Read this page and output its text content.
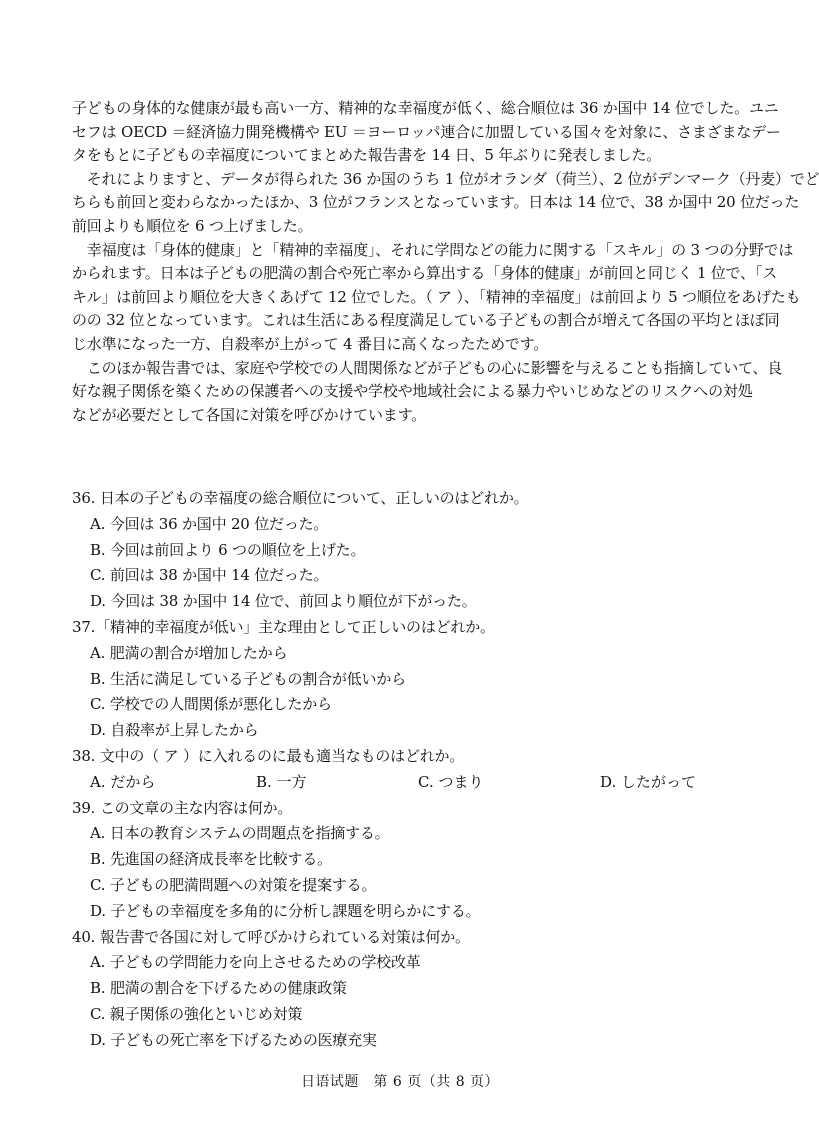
子どもの身体的な健康が最も高い一方、精神的な幸福度が低く、総合順位は 36 か国中 14 位でした。ユニ
セフは OECD ＝経済協力開発機構や EU ＝ヨーロッパ連合に加盟している国々を対象に、さまざまなデー
タをもとに子どもの幸福度についてまとめた報告書を 14 日、5 年ぶりに発表しました。
　それによりますと、データが得られた 36 か国のうち 1 位がオランダ（荷兰）、2 位がデンマーク（丹麦）でど
ちらも前回と変わらなかったほか、3 位がフランスとなっています。日本は 14 位で、38 か国中 20 位だった
前回よりも順位を 6 つ上げました。
　幸福度は「身体的健康」と「精神的幸福度」、それに学問などの能力に関する「スキル」の 3 つの分野では
かられます。日本は子どもの肥満の割合や死亡率から算出する「身体的健康」が前回と同じく 1 位で、「ス
キル」は前回より順位を大きくあげて 12 位でした。（ ア ）、「精神的幸福度」は前回より 5 つ順位をあげたも
のの 32 位となっています。これは生活にある程度満足している子どもの割合が増えて各国の平均とほぼ同
じ水準になった一方、自殺率が上がって 4 番目に高くなったためです。
　このほか報告書では、家庭や学校での人間関係などが子どもの心に影響を与えることも指摘していて、良
好な親子関係を築くための保護者への支援や学校や地域社会による暴力やいじめなどのリスクへの対処
などが必要だとして各国に対策を呼びかけています。
36. 日本の子どもの幸福度の総合順位について、正しいのはどれか。
A. 今回は 36 か国中 20 位だった。
B. 今回は前回より 6 つの順位を上げた。
C. 前回は 38 か国中 14 位だった。
D. 今回は 38 か国中 14 位で、前回より順位が下がった。
37.「精神的幸福度が低い」主な理由として正しいのはどれか。
A. 肥満の割合が増加したから
B. 生活に満足している子どもの割合が低いから
C. 学校での人間関係が悪化したから
D. 自殺率が上昇したから
38. 文中の（ ア ）に入れるのに最も適当なものはどれか。
A. だから	B. 一方	C. つまり	D. したがって
39. この文章の主な内容は何か。
A. 日本の教育システムの問題点を指摘する。
B. 先進国の経済成長率を比較する。
C. 子どもの肥満問題への対策を提案する。
D. 子どもの幸福度を多角的に分析し課題を明らかにする。
40. 報告書で各国に対して呼びかけられている対策は何か。
A. 子どもの学問能力を向上させるための学校改革
B. 肥満の割合を下げるための健康政策
C. 親子関係の強化といじめ対策
D. 子どもの死亡率を下げるための医療充実
日语试题　第 6 页（共 8 页）
